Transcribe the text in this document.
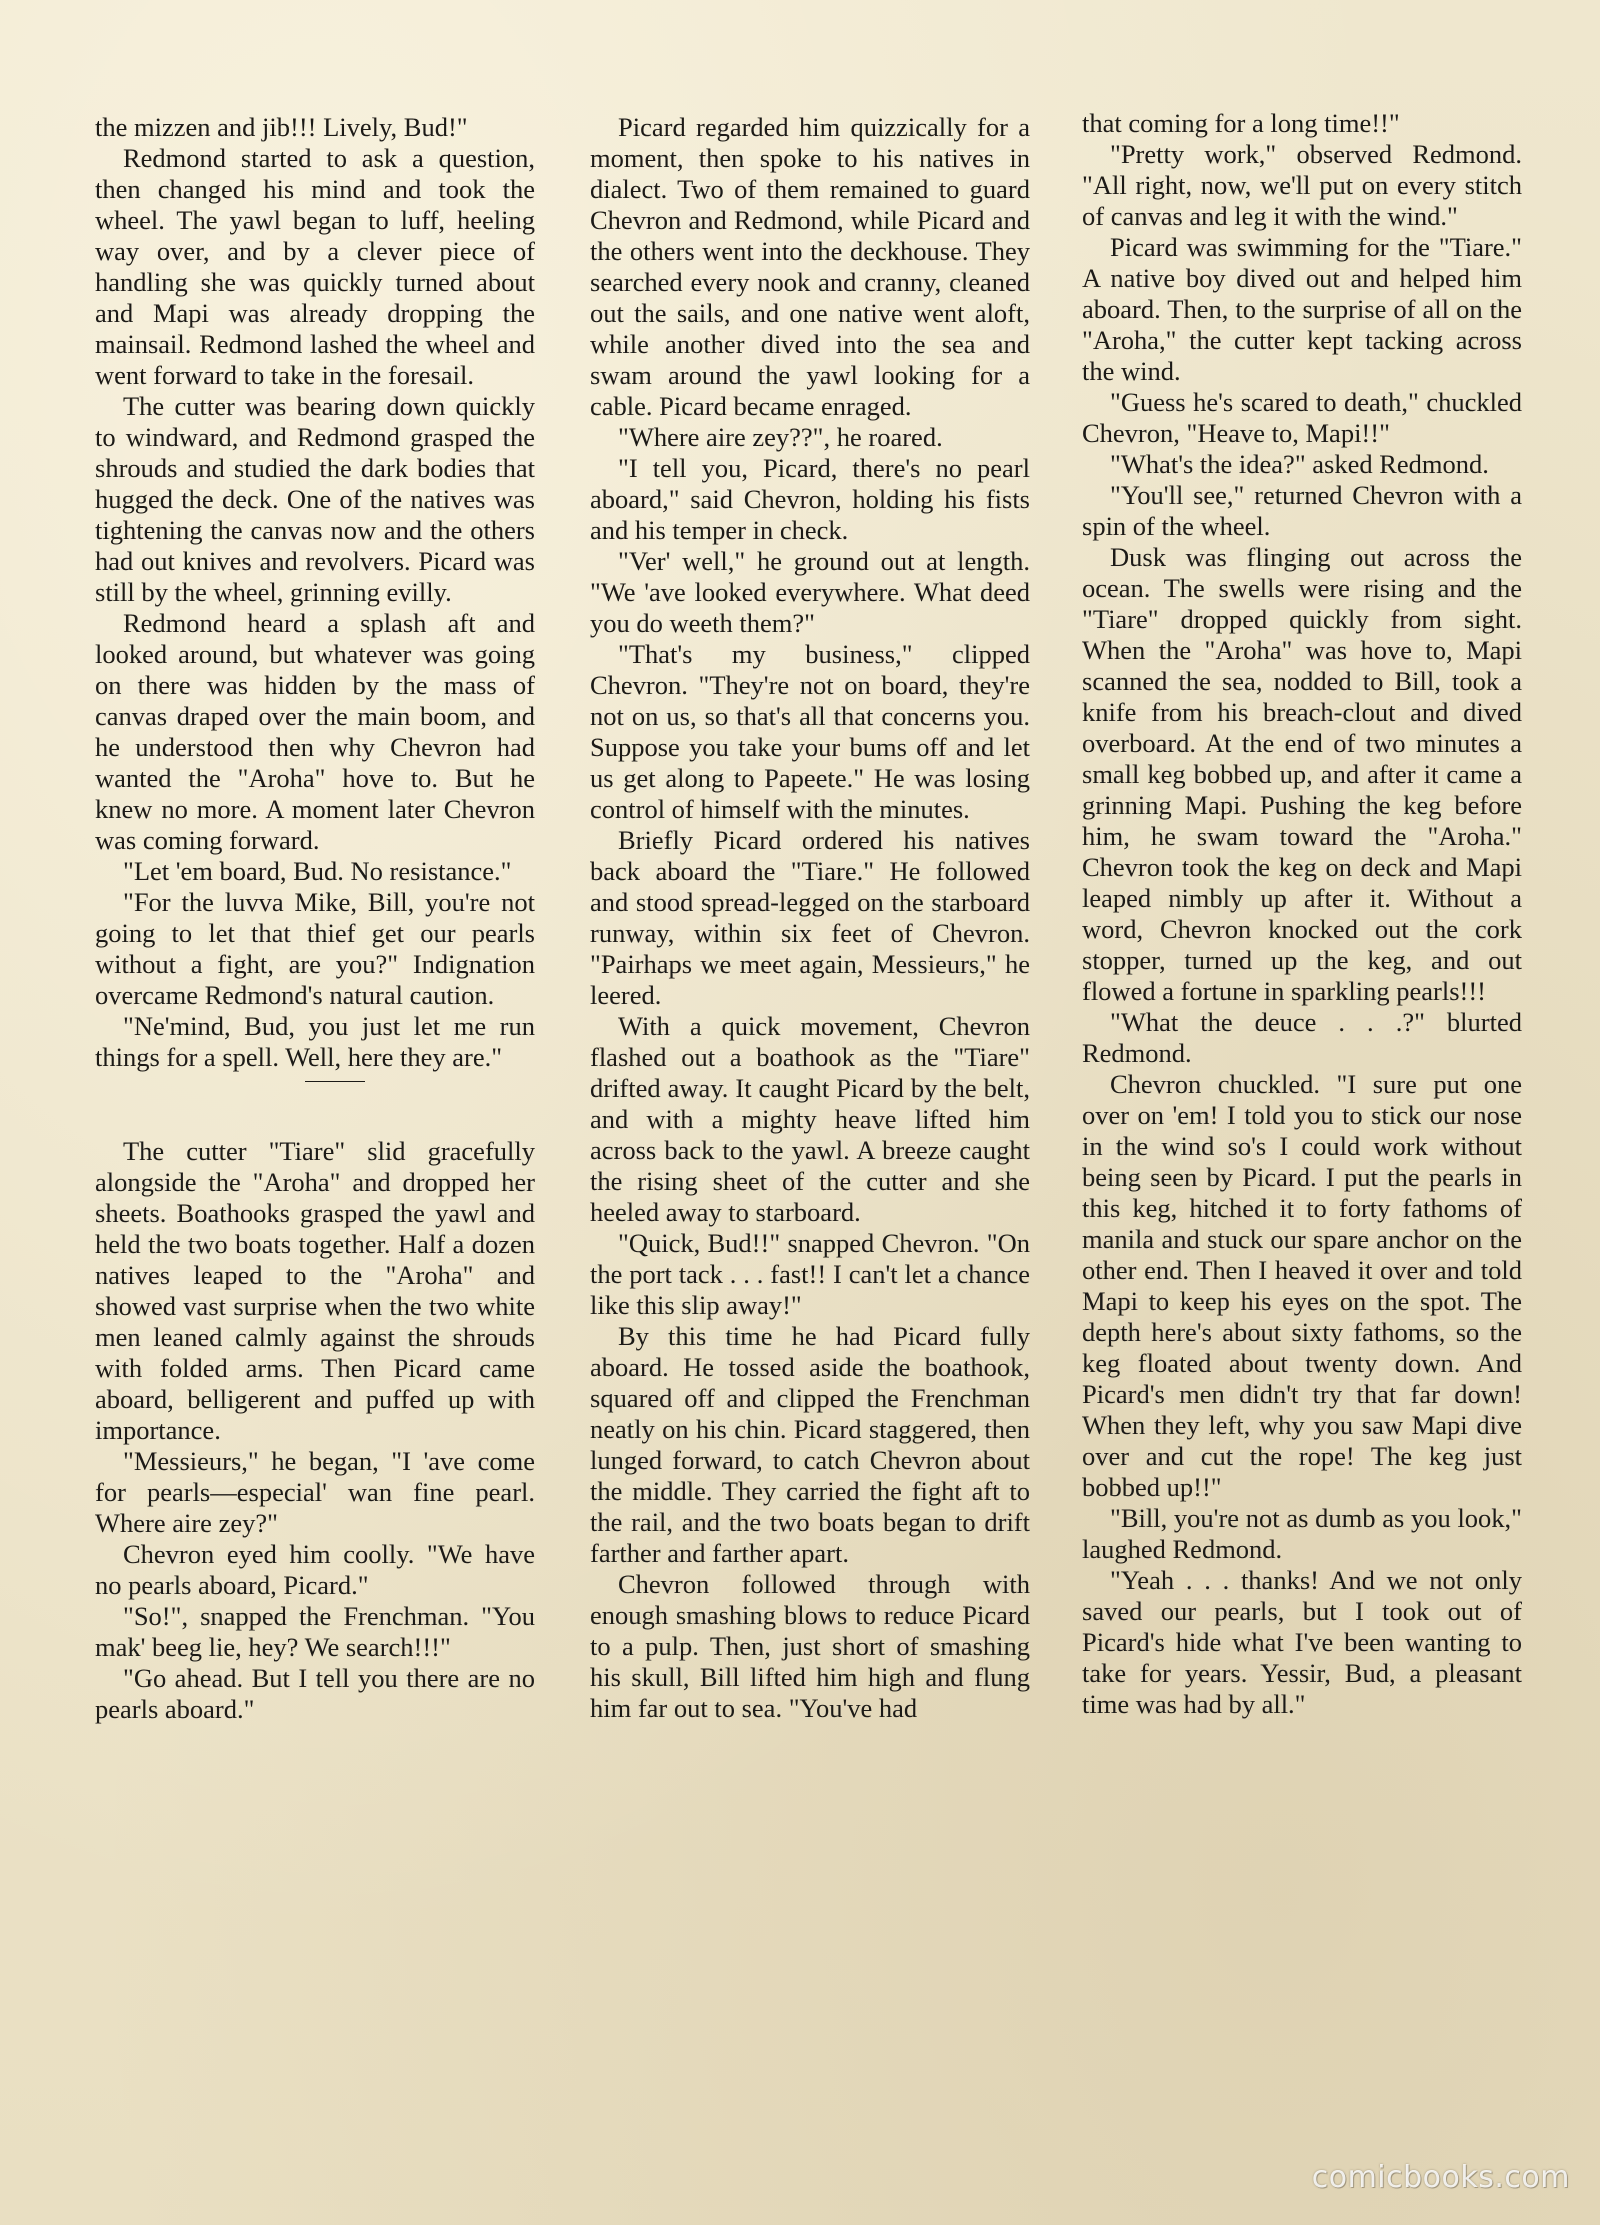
the mizzen and jib!!! Lively, Bud!"

Redmond started to ask a question, then changed his mind and took the wheel. The yawl began to luff, heeling way over, and by a clever piece of handling she was quickly turned about and Mapi was already dropping the mainsail. Redmond lashed the wheel and went forward to take in the foresail.

The cutter was bearing down quickly to windward, and Redmond grasped the shrouds and studied the dark bodies that hugged the deck. One of the natives was tightening the canvas now and the others had out knives and revolvers. Picard was still by the wheel, grinning evilly.

Redmond heard a splash aft and looked around, but whatever was going on there was hidden by the mass of canvas draped over the main boom, and he understood then why Chevron had wanted the "Aroha" hove to. But he knew no more. A moment later Chevron was coming forward.

"Let 'em board, Bud. No resistance."

"For the luvva Mike, Bill, you're not going to let that thief get our pearls without a fight, are you?" Indignation overcame Redmond's natural caution.

"Ne'mind, Bud, you just let me run things for a spell. Well, here they are."

The cutter "Tiare" slid gracefully alongside the "Aroha" and dropped her sheets. Boathooks grasped the yawl and held the two boats together. Half a dozen natives leaped to the "Aroha" and showed vast surprise when the two white men leaned calmly against the shrouds with folded arms. Then Picard came aboard, belligerent and puffed up with importance.

"Messieurs," he began, "I 'ave come for pearls—especial' wan fine pearl. Where aire zey?"

Chevron eyed him coolly. "We have no pearls aboard, Picard."

"So!", snapped the Frenchman. "You mak' beeg lie, hey? We search!!!"

"Go ahead. But I tell you there are no pearls aboard."

Picard regarded him quizzically for a moment, then spoke to his natives in dialect. Two of them remained to guard Chevron and Redmond, while Picard and the others went into the deckhouse. They searched every nook and cranny, cleaned out the sails, and one native went aloft, while another dived into the sea and swam around the yawl looking for a cable. Picard became enraged.

"Where aire zey??", he roared.

"I tell you, Picard, there's no pearl aboard," said Chevron, holding his fists and his temper in check.

"Ver' well," he ground out at length. "We 'ave looked everywhere. What deed you do weeth them?"

"That's my business," clipped Chevron. "They're not on board, they're not on us, so that's all that concerns you. Suppose you take your bums off and let us get along to Papeete." He was losing control of himself with the minutes.

Briefly Picard ordered his natives back aboard the "Tiare." He followed and stood spread-legged on the starboard runway, within six feet of Chevron. "Pairhaps we meet again, Messieurs," he leered.

With a quick movement, Chevron flashed out a boathook as the "Tiare" drifted away. It caught Picard by the belt, and with a mighty heave lifted him across back to the yawl. A breeze caught the rising sheet of the cutter and she heeled away to starboard.

"Quick, Bud!!" snapped Chevron. "On the port tack . . . fast!! I can't let a chance like this slip away!"

By this time he had Picard fully aboard. He tossed aside the boathook, squared off and clipped the Frenchman neatly on his chin. Picard staggered, then lunged forward, to catch Chevron about the middle. They carried the fight aft to the rail, and the two boats began to drift farther and farther apart.

Chevron followed through with enough smashing blows to reduce Picard to a pulp. Then, just short of smashing his skull, Bill lifted him high and flung him far out to sea. "You've had

that coming for a long time!!"

"Pretty work," observed Redmond. "All right, now, we'll put on every stitch of canvas and leg it with the wind."

Picard was swimming for the "Tiare." A native boy dived out and helped him aboard. Then, to the surprise of all on the "Aroha," the cutter kept tacking across the wind.

"Guess he's scared to death," chuckled Chevron, "Heave to, Mapi!!"

"What's the idea?" asked Redmond.

"You'll see," returned Chevron with a spin of the wheel.

Dusk was flinging out across the ocean. The swells were rising and the "Tiare" dropped quickly from sight. When the "Aroha" was hove to, Mapi scanned the sea, nodded to Bill, took a knife from his breach-clout and dived overboard. At the end of two minutes a small keg bobbed up, and after it came a grinning Mapi. Pushing the keg before him, he swam toward the "Aroha." Chevron took the keg on deck and Mapi leaped nimbly up after it. Without a word, Chevron knocked out the cork stopper, turned up the keg, and out flowed a fortune in sparkling pearls!!!

"What the deuce . . .?" blurted Redmond.

Chevron chuckled. "I sure put one over on 'em! I told you to stick our nose in the wind so's I could work without being seen by Picard. I put the pearls in this keg, hitched it to forty fathoms of manila and stuck our spare anchor on the other end. Then I heaved it over and told Mapi to keep his eyes on the spot. The depth here's about sixty fathoms, so the keg floated about twenty down. And Picard's men didn't try that far down! When they left, why you saw Mapi dive over and cut the rope! The keg just bobbed up!!"

"Bill, you're not as dumb as you look," laughed Redmond.

"Yeah . . . thanks! And we not only saved our pearls, but I took out of Picard's hide what I've been wanting to take for years. Yessir, Bud, a pleasant time was had by all."

comicbooks.com
